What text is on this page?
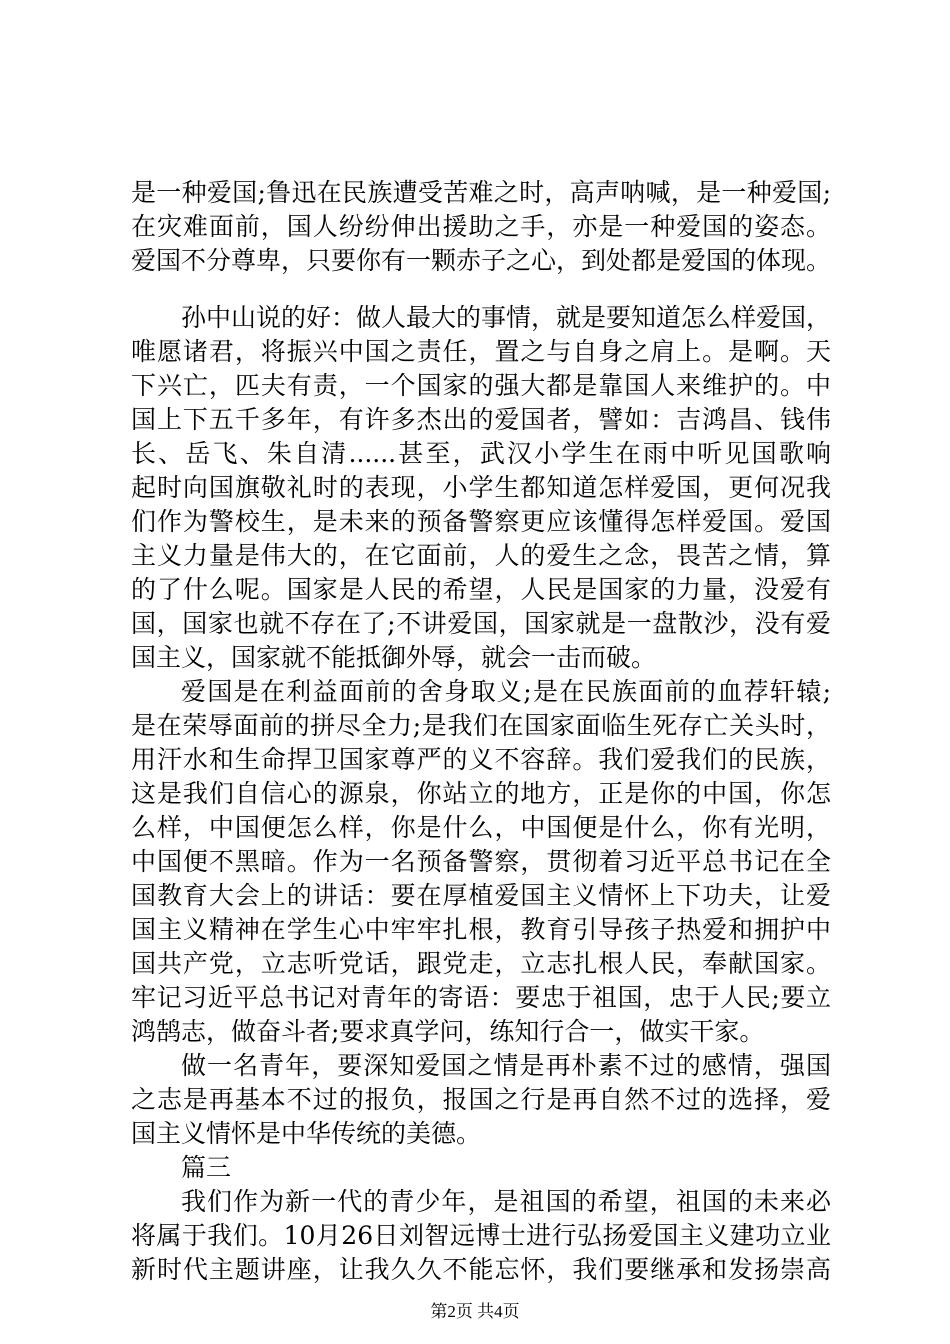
是一种爱国;鲁迅在民族遭受苦难之时，高声呐喊，是一种爱国;
在灾难面前，国人纷纷伸出援助之手，亦是一种爱国的姿态。
爱国不分尊卑，只要你有一颗赤子之心，到处都是爱国的体现。
孙中山说的好：做人最大的事情，就是要知道怎么样爱国，
唯愿诸君，将振兴中国之责任，置之与自身之肩上。是啊。天
下兴亡，匹夫有责，一个国家的强大都是靠国人来维护的。中
国上下五千多年，有许多杰出的爱国者，譬如：吉鸿昌、钱伟
长、岳飞、朱自清......甚至，武汉小学生在雨中听见国歌响
起时向国旗敬礼时的表现，小学生都知道怎样爱国，更何况我
们作为警校生，是未来的预备警察更应该懂得怎样爱国。爱国
主义力量是伟大的，在它面前，人的爱生之念，畏苦之情，算
的了什么呢。国家是人民的希望，人民是国家的力量，没爱有
国，国家也就不存在了;不讲爱国，国家就是一盘散沙，没有爱
国主义，国家就不能抵御外辱，就会一击而破。
爱国是在利益面前的舍身取义;是在民族面前的血荐轩辕;
是在荣辱面前的拼尽全力;是我们在国家面临生死存亡关头时，
用汗水和生命捍卫国家尊严的义不容辞。我们爱我们的民族，
这是我们自信心的源泉，你站立的地方，正是你的中国，你怎
么样，中国便怎么样，你是什么，中国便是什么，你有光明，
中国便不黑暗。作为一名预备警察，贯彻着习近平总书记在全
国教育大会上的讲话：要在厚植爱国主义情怀上下功夫，让爱
国主义精神在学生心中牢牢扎根，教育引导孩子热爱和拥护中
国共产党，立志听党话，跟党走，立志扎根人民，奉献国家。
牢记习近平总书记对青年的寄语：要忠于祖国，忠于人民;要立
鸿鹄志，做奋斗者;要求真学问，练知行合一，做实干家。
做一名青年，要深知爱国之情是再朴素不过的感情，强国
之志是再基本不过的报负，报国之行是再自然不过的选择，爱
国主义情怀是中华传统的美德。
篇三
我们作为新一代的青少年，是祖国的希望，祖国的未来必
将属于我们。10月26日刘智远博士进行弘扬爱国主义建功立业
新时代主题讲座，让我久久不能忘怀，我们要继承和发扬崇高
第2页 共4页
